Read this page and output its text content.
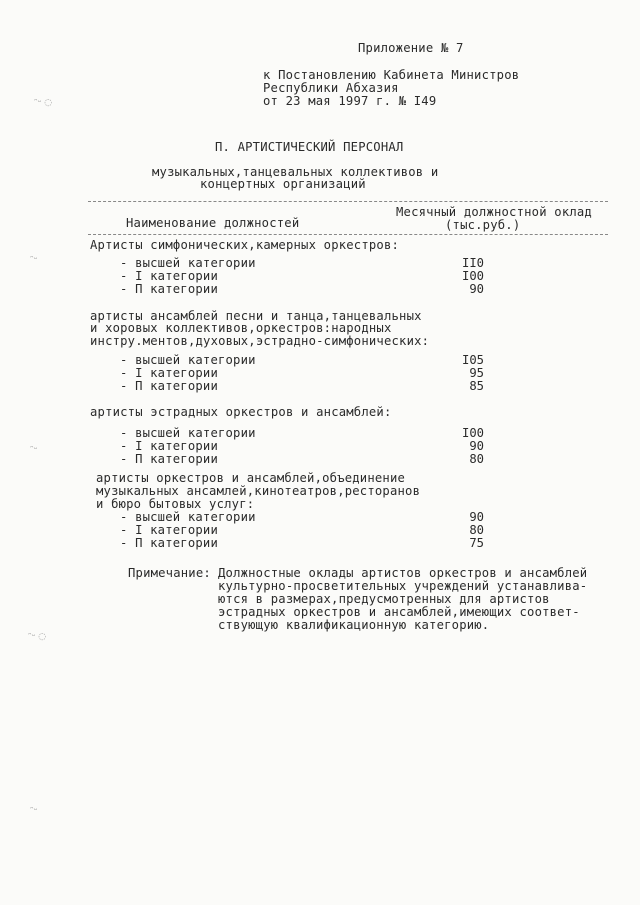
ᵔᵕ ◌
ᵔᵕ
ᵔᵕ
ᵔᵕ ◌
ᵔᵕ
Приложение № 7
к Постановлению Кабинета Министров
Республики Абхазия
от 23 мая 1997 г. № I49
П. АРТИСТИЧЕСКИЙ ПЕРСОНАЛ
музыкальных,танцевальных коллективов и
концертных организаций
Месячный должностной оклад
(тыс.руб.)
Наименование должностей
Артисты симфонических,камерных оркестров:
- высшей категории	II0
- I категории	I00
- П категории	90
артисты ансамблей песни и танца,танцевальных
и хоровых коллективов,оркестров:народных
инстру.ментов,духовых,эстрадно-симфонических:
- высшей категории	I05
- I категории	95
- П категории	85
артисты эстрадных оркестров и ансамблей:
- высшей категории	I00
- I категории	90
- П категории	80
артисты оркестров и ансамблей,объединение
музыкальных ансамлей,кинотеатров,ресторанов
и бюро бытовых услуг:
- высшей категории	90
- I категории	80
- П категории	75
Примечание: Должностные оклады артистов оркестров и ансамблей
культурно-просветительных учреждений устанавлива-
ются в размерах,предусмотренных для артистов
эстрадных оркестров и ансамблей,имеющих соответ-
ствующую квалификационную категорию.
